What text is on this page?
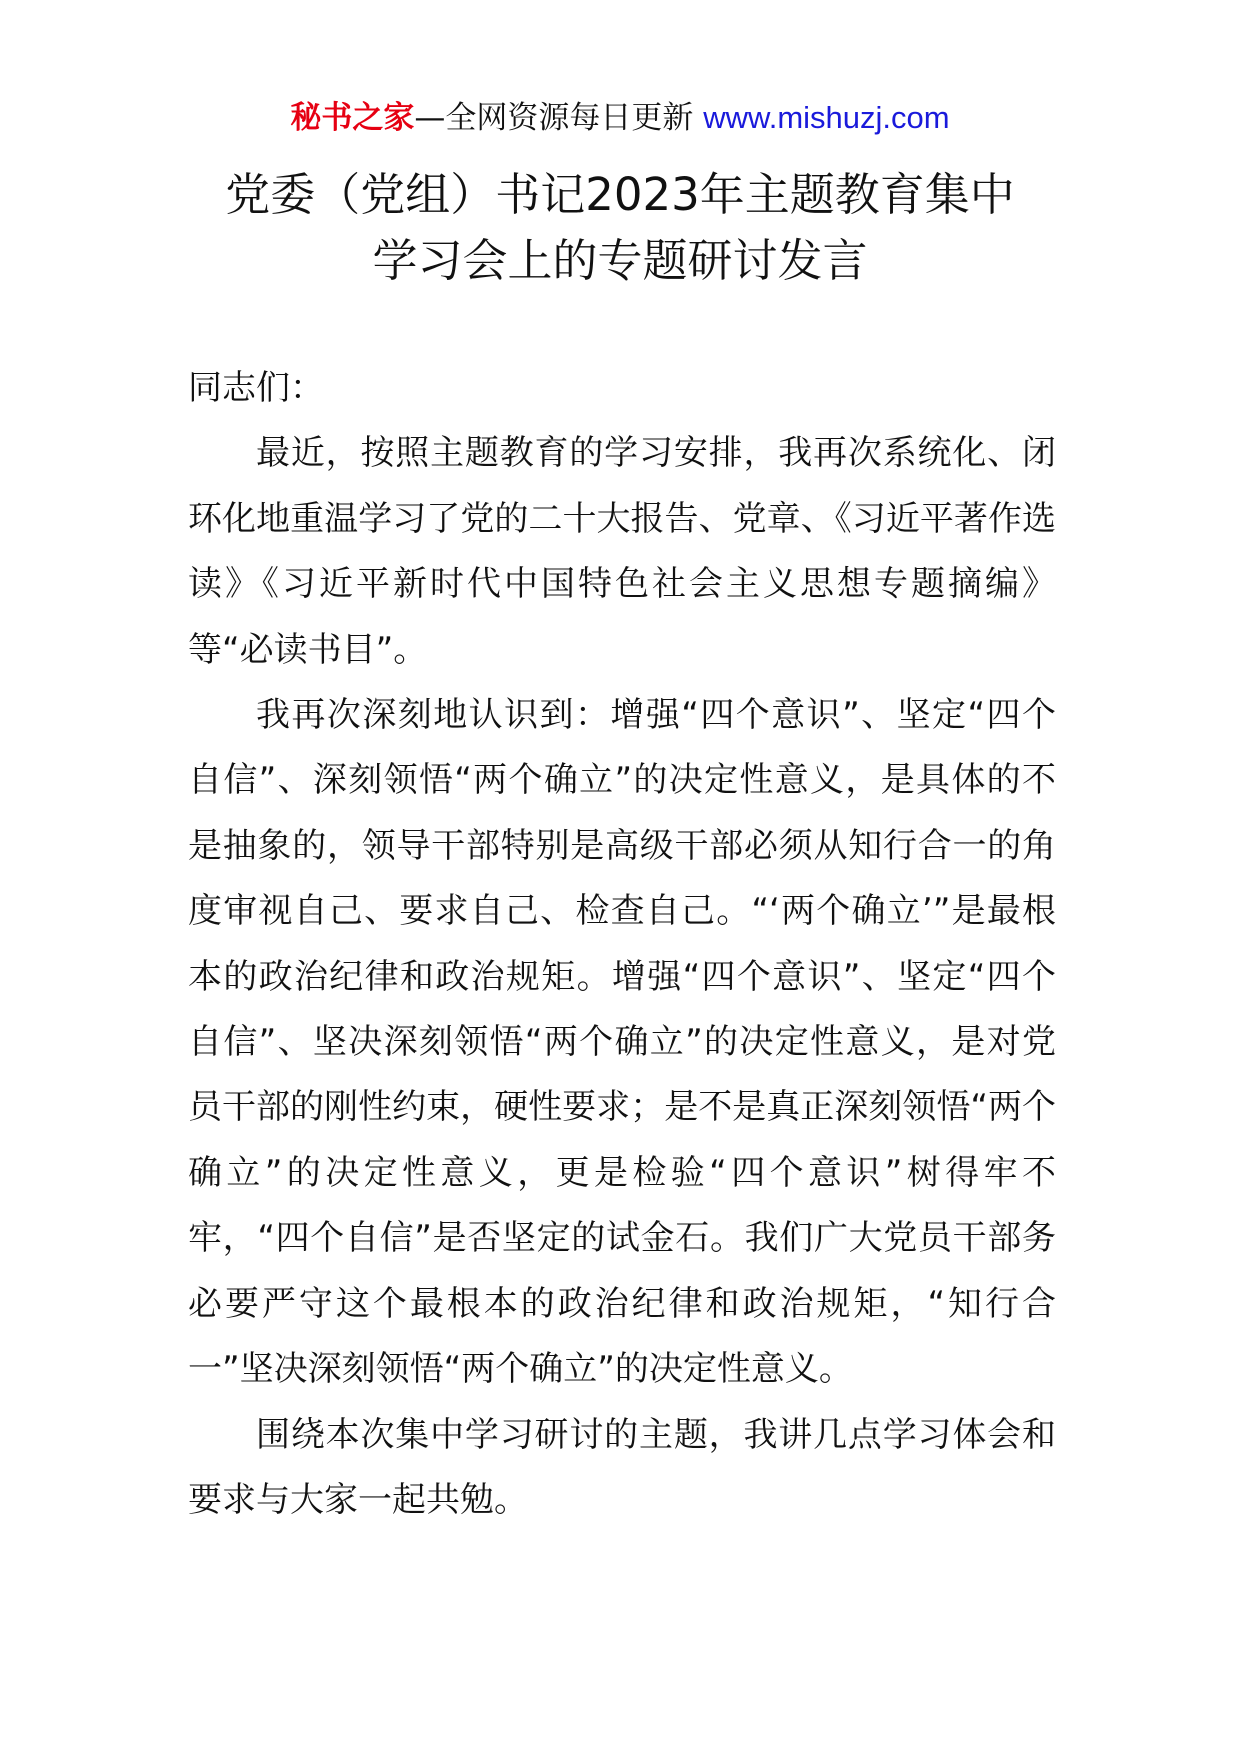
秘书之家—全网资源每日更新 www.mishuzj.com
党委（党组）书记2023年主题教育集中
学习会上的专题研讨发言

同志们：

最近，按照主题教育的学习安排，我再次系统化、闭环化地重温学习了党的二十大报告、党章、《习近平著作选读》《习近平新时代中国特色社会主义思想专题摘编》等“必读书目”。

我再次深刻地认识到：增强“四个意识”、坚定“四个自信”、深刻领悟“两个确立”的决定性意义，是具体的不是抽象的，领导干部特别是高级干部必须从知行合一的角度审视自己、要求自己、检查自己。“‘两个确立’”是最根本的政治纪律和政治规矩。增强“四个意识”、坚定“四个自信”、坚决深刻领悟“两个确立”的决定性意义，是对党员干部的刚性约束，硬性要求；是不是真正深刻领悟“两个确立”的决定性意义，更是检验“四个意识”树得牢不牢，“四个自信”是否坚定的试金石。我们广大党员干部务必要严守这个最根本的政治纪律和政治规矩，“知行合一”坚决深刻领悟“两个确立”的决定性意义。

围绕本次集中学习研讨的主题，我讲几点学习体会和要求与大家一起共勉。
